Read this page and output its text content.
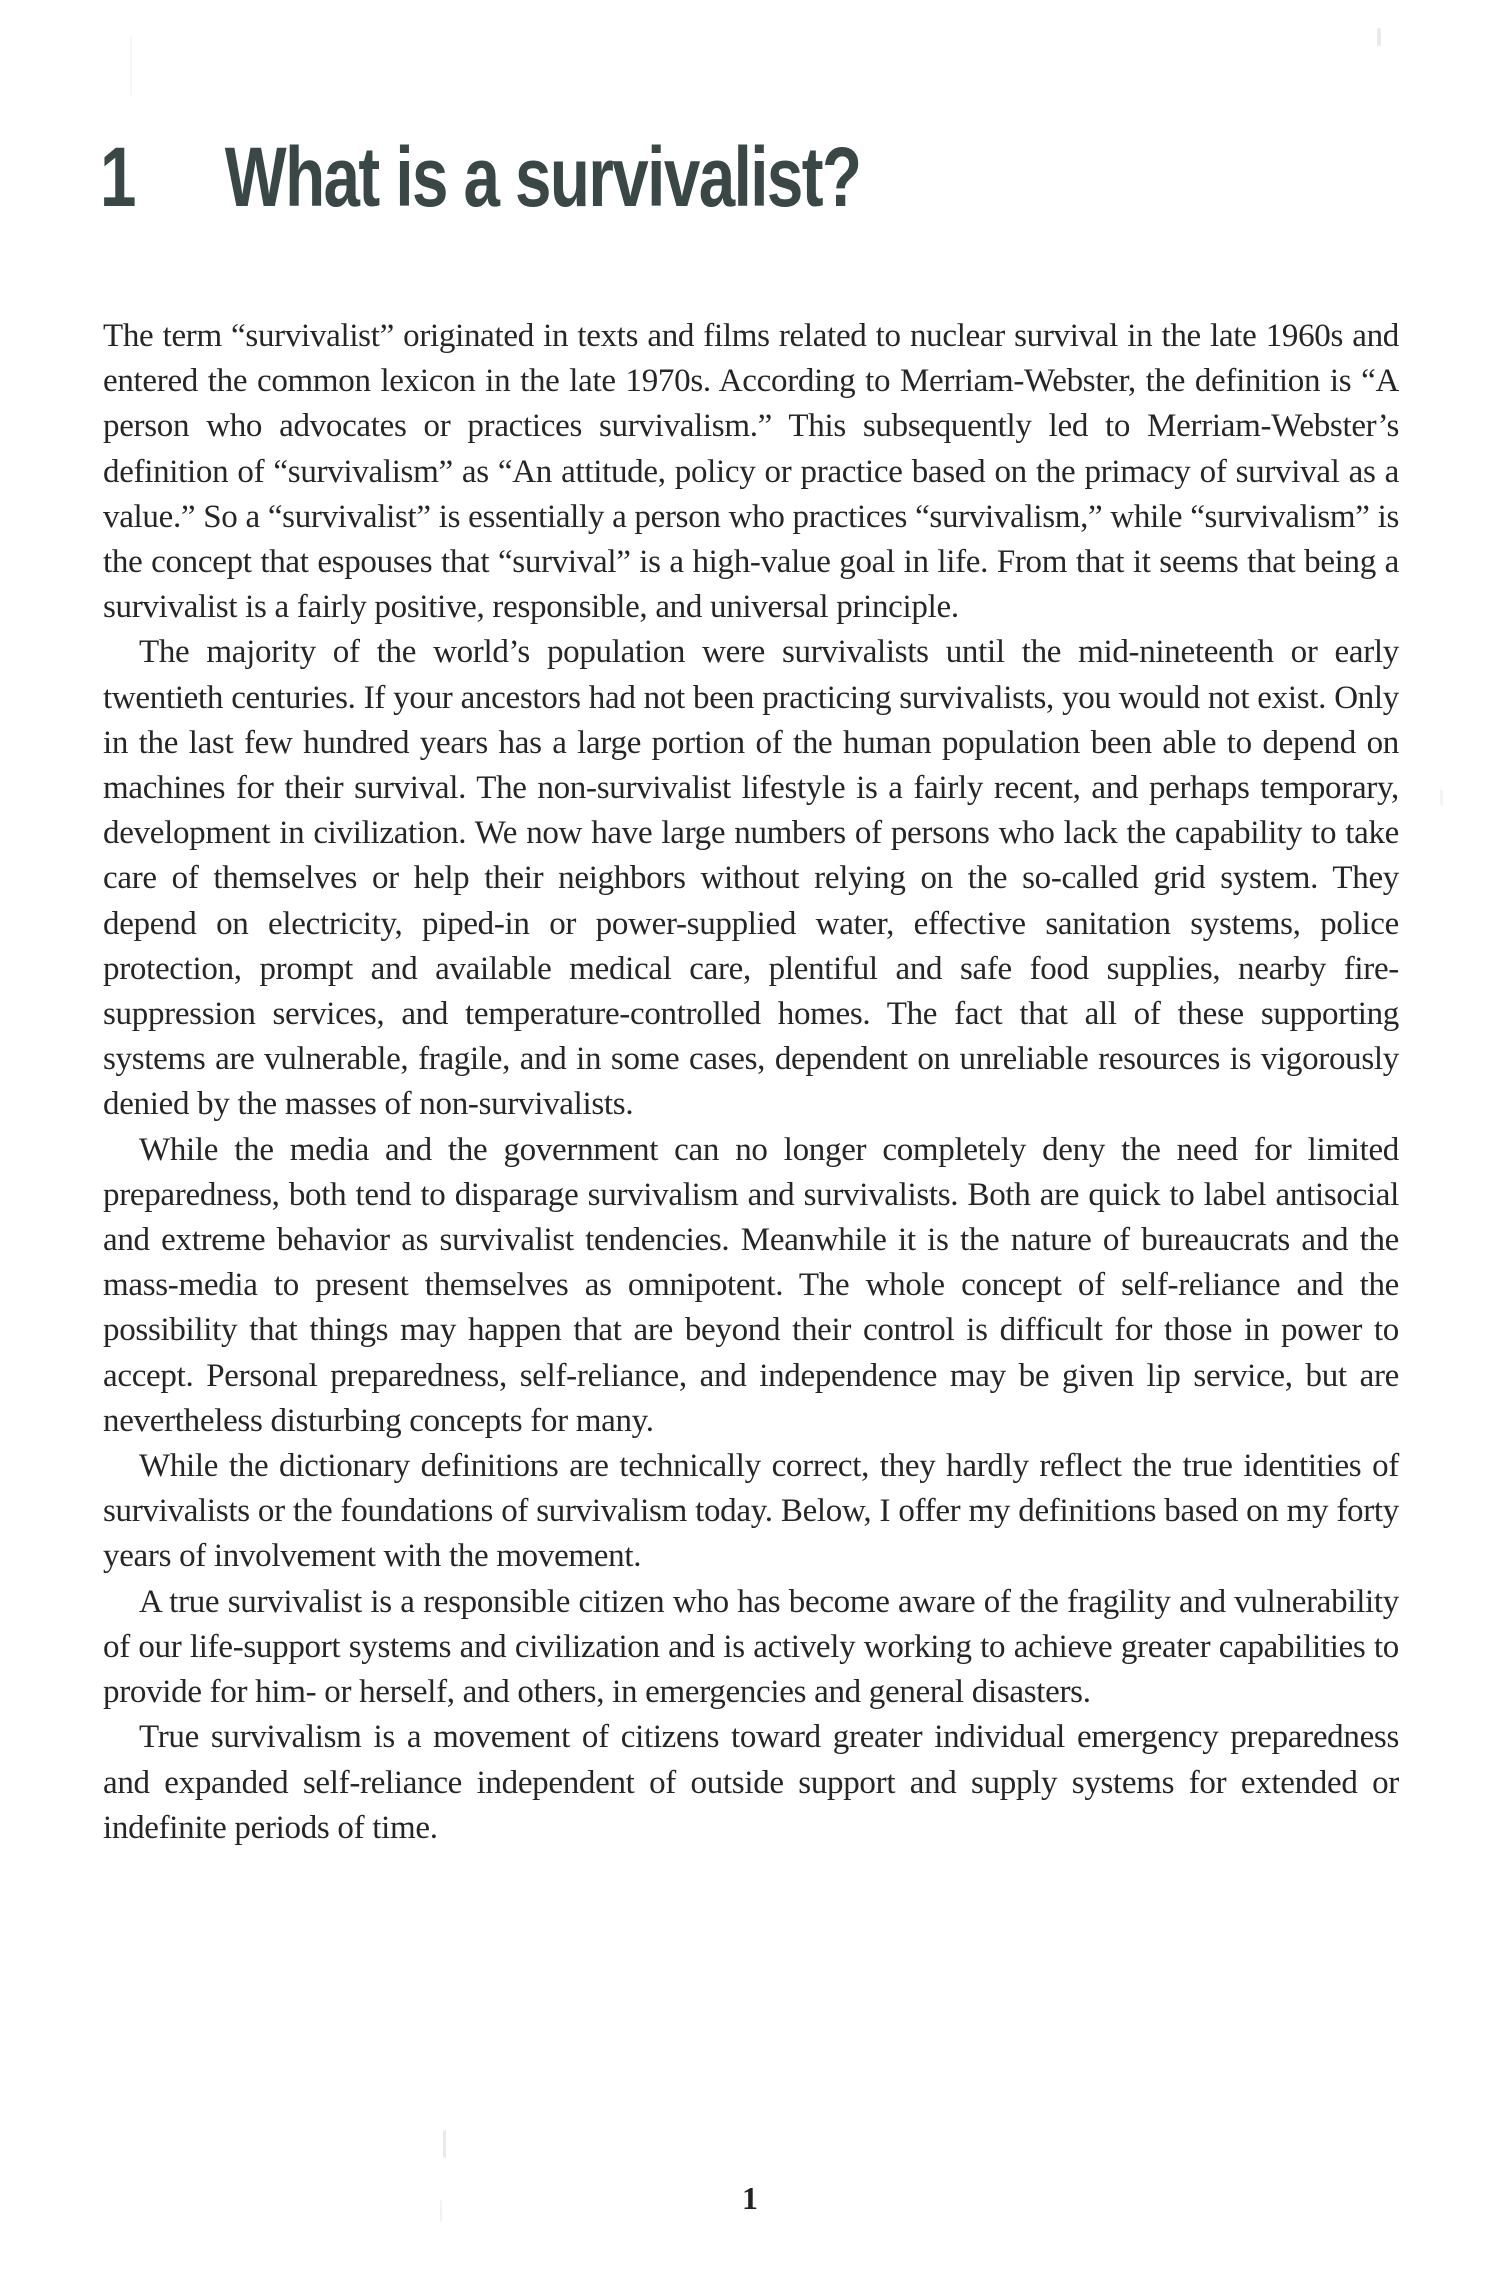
1 What is a survivalist?

The term “survivalist” originated in texts and films related to nuclear survival in the late 1960s and entered the common lexicon in the late 1970s. According to Merriam-Webster, the definition is “A person who advocates or practices survivalism.” This subsequently led to Merriam-Webster’s definition of “survivalism” as “An attitude, policy or practice based on the primacy of survival as a value.” So a “survivalist” is essentially a person who practices “survivalism,” while “survivalism” is the concept that espouses that “survival” is a high-value goal in life. From that it seems that being a survivalist is a fairly positive, responsible, and universal principle.

The majority of the world’s population were survivalists until the mid-nineteenth or early twentieth centuries. If your ancestors had not been practicing survivalists, you would not exist. Only in the last few hundred years has a large portion of the human population been able to depend on machines for their survival. The non-survivalist lifestyle is a fairly recent, and perhaps temporary, development in civilization. We now have large numbers of persons who lack the capability to take care of themselves or help their neighbors without relying on the so-called grid system. They depend on electricity, piped-in or power-supplied water, effective sanitation systems, police protection, prompt and available medical care, plentiful and safe food supplies, nearby fire-suppression services, and temperature-controlled homes. The fact that all of these supporting systems are vulnerable, fragile, and in some cases, dependent on unreliable resources is vigorously denied by the masses of non-survivalists.

While the media and the government can no longer completely deny the need for limited preparedness, both tend to disparage survivalism and survivalists. Both are quick to label antisocial and extreme behavior as survivalist tendencies. Meanwhile it is the nature of bureaucrats and the mass-media to present themselves as omnipotent. The whole concept of self-reliance and the possibility that things may happen that are beyond their control is difficult for those in power to accept. Personal preparedness, self-reliance, and independence may be given lip service, but are nevertheless disturbing concepts for many.

While the dictionary definitions are technically correct, they hardly reflect the true identities of survivalists or the foundations of survivalism today. Below, I offer my definitions based on my forty years of involvement with the movement.

A true survivalist is a responsible citizen who has become aware of the fragility and vulnerability of our life-support systems and civilization and is actively working to achieve greater capabilities to provide for him- or herself, and others, in emergencies and general disasters.

True survivalism is a movement of citizens toward greater individual emergency preparedness and expanded self-reliance independent of outside support and supply systems for extended or indefinite periods of time.

1
